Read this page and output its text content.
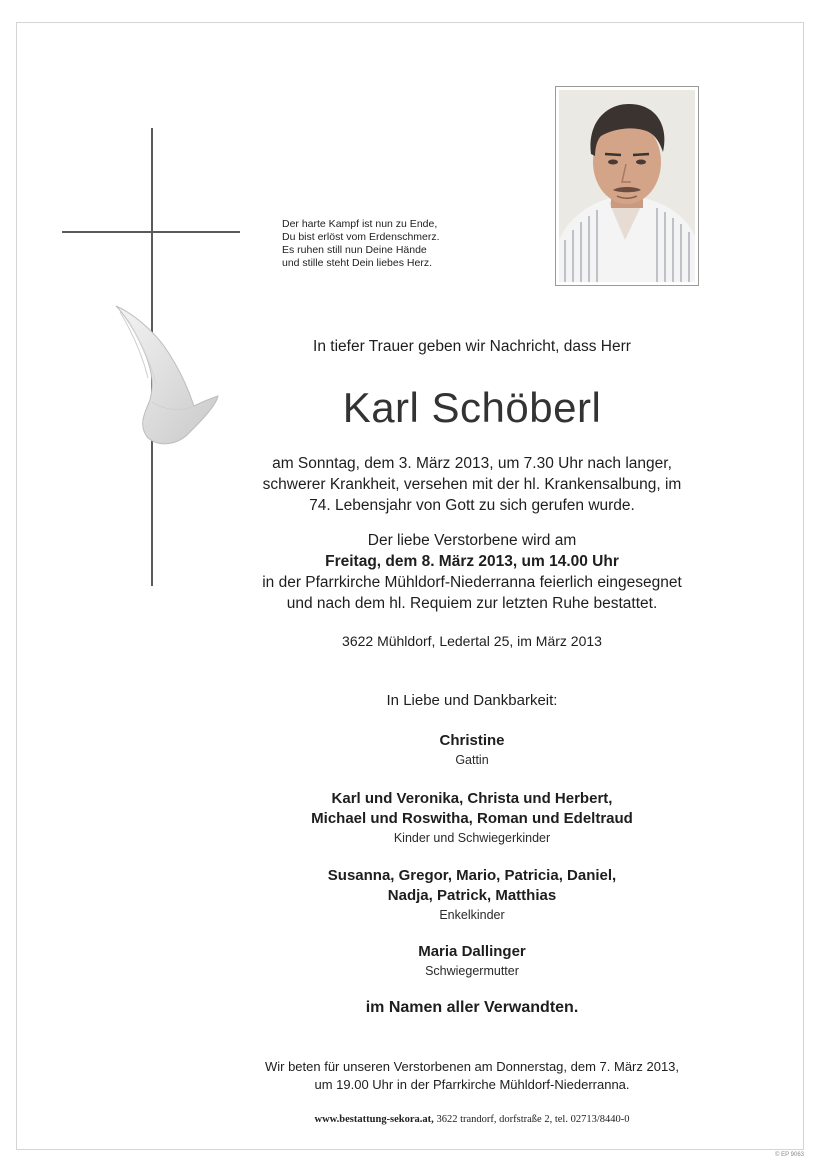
Der harte Kampf ist nun zu Ende,
Du bist erlöst vom Erdenschmerz.
Es ruhen still nun Deine Hände
und stille steht Dein liebes Herz.
In tiefer Trauer geben wir Nachricht, dass Herr
Karl Schöberl
am Sonntag, dem 3. März 2013, um 7.30 Uhr nach langer,
schwerer Krankheit, versehen mit der hl. Krankensalbung, im
74. Lebensjahr von Gott zu sich gerufen wurde.
Der liebe Verstorbene wird am
Freitag, dem 8. März 2013, um 14.00 Uhr
in der Pfarrkirche Mühldorf-Niederranna feierlich eingesegnet
und nach dem hl. Requiem zur letzten Ruhe bestattet.
3622 Mühldorf, Ledertal 25, im März 2013
In Liebe und Dankbarkeit:
Christine
Gattin
Karl und Veronika, Christa und Herbert,
Michael und Roswitha, Roman und Edeltraud
Kinder und Schwiegerkinder
Susanna, Gregor, Mario, Patricia, Daniel,
Nadja, Patrick, Matthias
Enkelkinder
Maria Dallinger
Schwiegermutter
im Namen aller Verwandten.
Wir beten für unseren Verstorbenen am Donnerstag, dem 7. März 2013,
um 19.00 Uhr in der Pfarrkirche Mühldorf-Niederranna.
www.bestattung-sekora.at, 3622 trandorf, dorfstraße 2, tel. 02713/8440-0
© EP 9063
